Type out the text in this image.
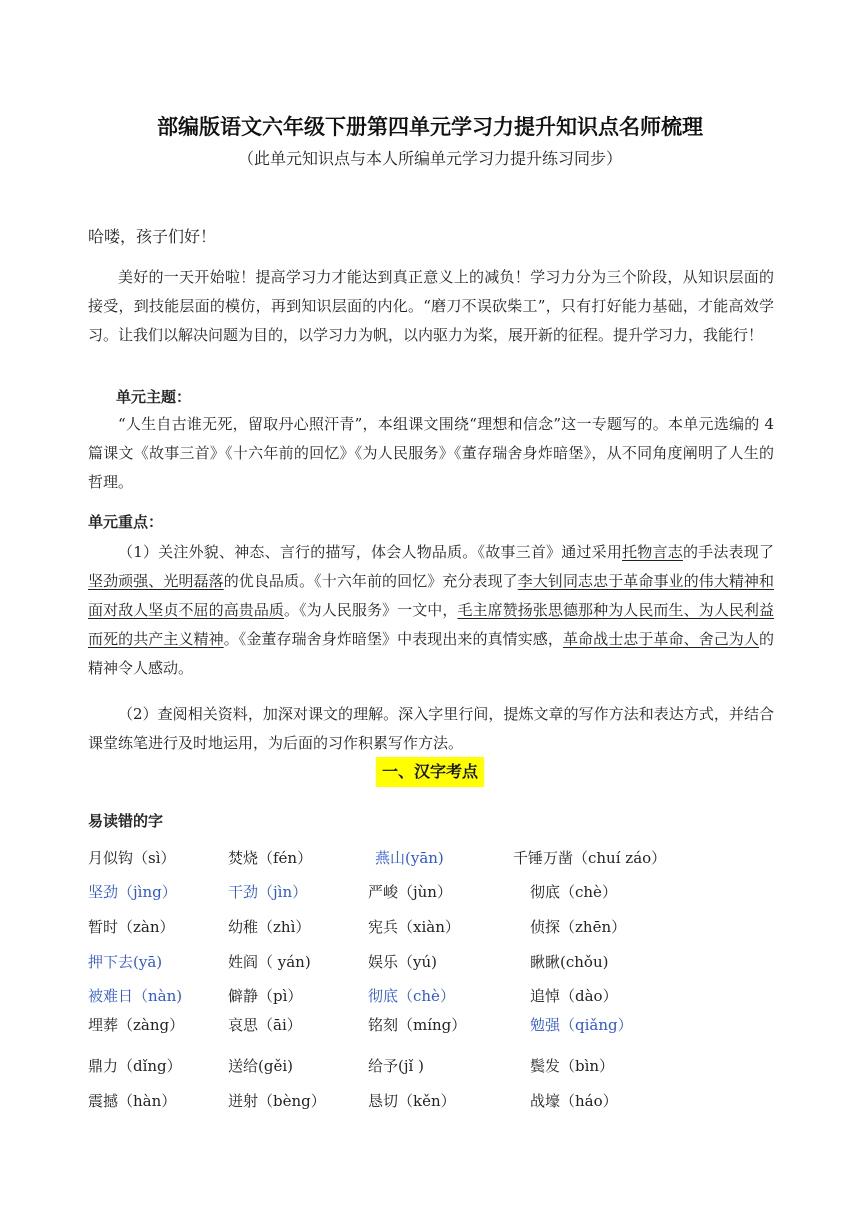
部编版语文六年级下册第四单元学习力提升知识点名师梳理
（此单元知识点与本人所编单元学习力提升练习同步）
哈喽，孩子们好！
美好的一天开始啦！提高学习力才能达到真正意义上的减负！学习力分为三个阶段，从知识层面的接受，到技能层面的模仿，再到知识层面的内化。“磨刀不误砍柴工”，只有打好能力基础，才能高效学习。让我们以解决问题为目的，以学习力为帆，以内驱力为桨，展开新的征程。提升学习力，我能行！
单元主题：
“人生自古谁无死，留取丹心照汗青”，本组课文围绕“理想和信念”这一专题写的。本单元选编的 4 篇课文《故事三首》《十六年前的回忆》《为人民服务》《董存瑞舍身炸暗堡》，从不同角度阐明了人生的哲理。
单元重点：
（1）关注外貌、神态、言行的描写，体会人物品质。《故事三首》通过采用托物言志的手法表现了坚劲顽强、光明磊落的优良品质。《十六年前的回忆》充分表现了李大钊同志忠于革命事业的伟大精神和面对敌人坚贞不屈的高贵品质。《为人民服务》一文中，毛主席赞扬张思德那种为人民而生、为人民利益而死的共产主义精神。《金董存瑞舍身炸暗堡》中表现出来的真情实感，革命战士忠于革命、舍己为人的精神令人感动。
（2）查阅相关资料，加深对课文的理解。深入字里行间，提炼文章的写作方法和表达方式，并结合课堂练笔进行及时地运用，为后面的习作积累写作方法。
一、汉字考点
易读错的字
月似钩（sì）	焚烧（fén）	燕山(yān)	千锤万凿（chuí záo）
坚劲（jìng）	干劲（jìn）	严峻（jùn）	彻底（chè）
暂时（zàn）	幼稚（zhì）	宪兵（xiàn）	侦探（zhēn）
押下去(yā)	姓阎（ yán)	娱乐（yú)	瞅瞅(chǒu)
被难日（nàn)	僻静（pì）	彻底（chè）	追悼（dào）
埋葬（zàng）	哀思（āi）	铭刻（míng）	勉强（qiǎng）
鼎力（dǐng）	送给(gěi)	给予(jǐ )	鬓发（bìn）
震撼（hàn）	迸射（bèng）	恳切（kěn）	战壕（háo）
